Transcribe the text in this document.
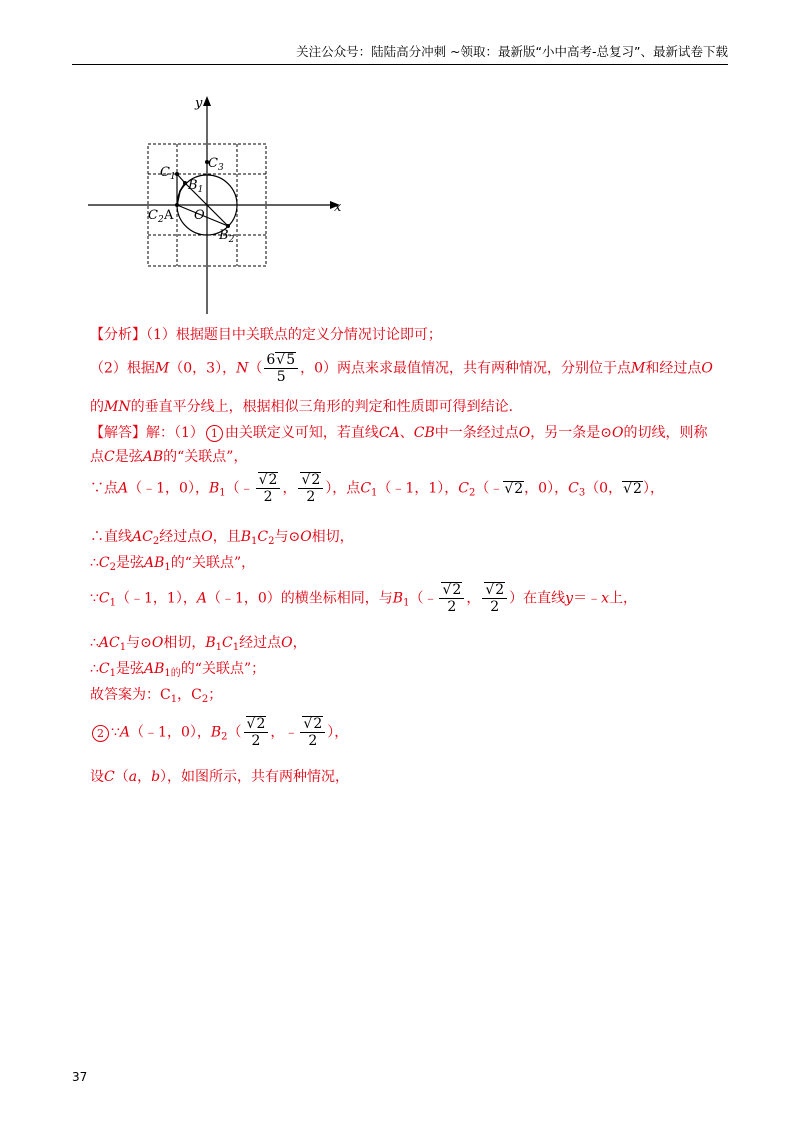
关注公众号：陆陆高分冲刺 ~领取：最新版“小中高考-总复习”、最新试卷下载
y
x
$C_1$
$B_1$
$C_3$
$C_2$ A O
$B_2$
【分析】（1）根据题目中关联点的定义分情况讨论即可；
（2）根据M（0，3），$N( \frac{6√ 5}{5}$ ，0）两点来求最值情况，共有两种情况，分别位于点M和经过点O
的MN的垂直平分线上，根据相似三角形的判定和性质即可得到结论．
【解答】解：（1） 1 由关联定义可知，若直线CA、CB中一条经过点O，另一条是⊙O的切线，则称
点C是弦AB的“关联点”，
∵点A（﹣1，0），$B_1(﹣$
√ $\frac{2}{2}$ ，
√ $\frac{2}{2}$ ），点$C_1(﹣1$，1），$C_2(﹣√$ 2，0），$C_3(0$，√ 2），
∴直线$AC_2$经过点O，且$B_1C_2$与⊙O相切，
$\therefore C_2$是弦$AB_1$的“关联点”，
$\because C_1(﹣1$，1），A（﹣1，0）的横坐标相同，与$B_1(﹣$
√ $\frac{2}{2}$ ，
√ $\frac{2}{2}$ ）在直线y＝﹣x上，
$\therefore AC_1$与⊙O相切，$B_1C_1$经过点O，
$\therefore C_1$是弦$AB_{1的}$的“关联点”；
故答案为：$C_1$，$C_2$；
2 ∵A（﹣1，0），$B_2$（
√ $\frac{2}{2}$ ，﹣
√ $\frac{2}{2}$ ），
设C（a，b），如图所示，共有两种情况，
37
